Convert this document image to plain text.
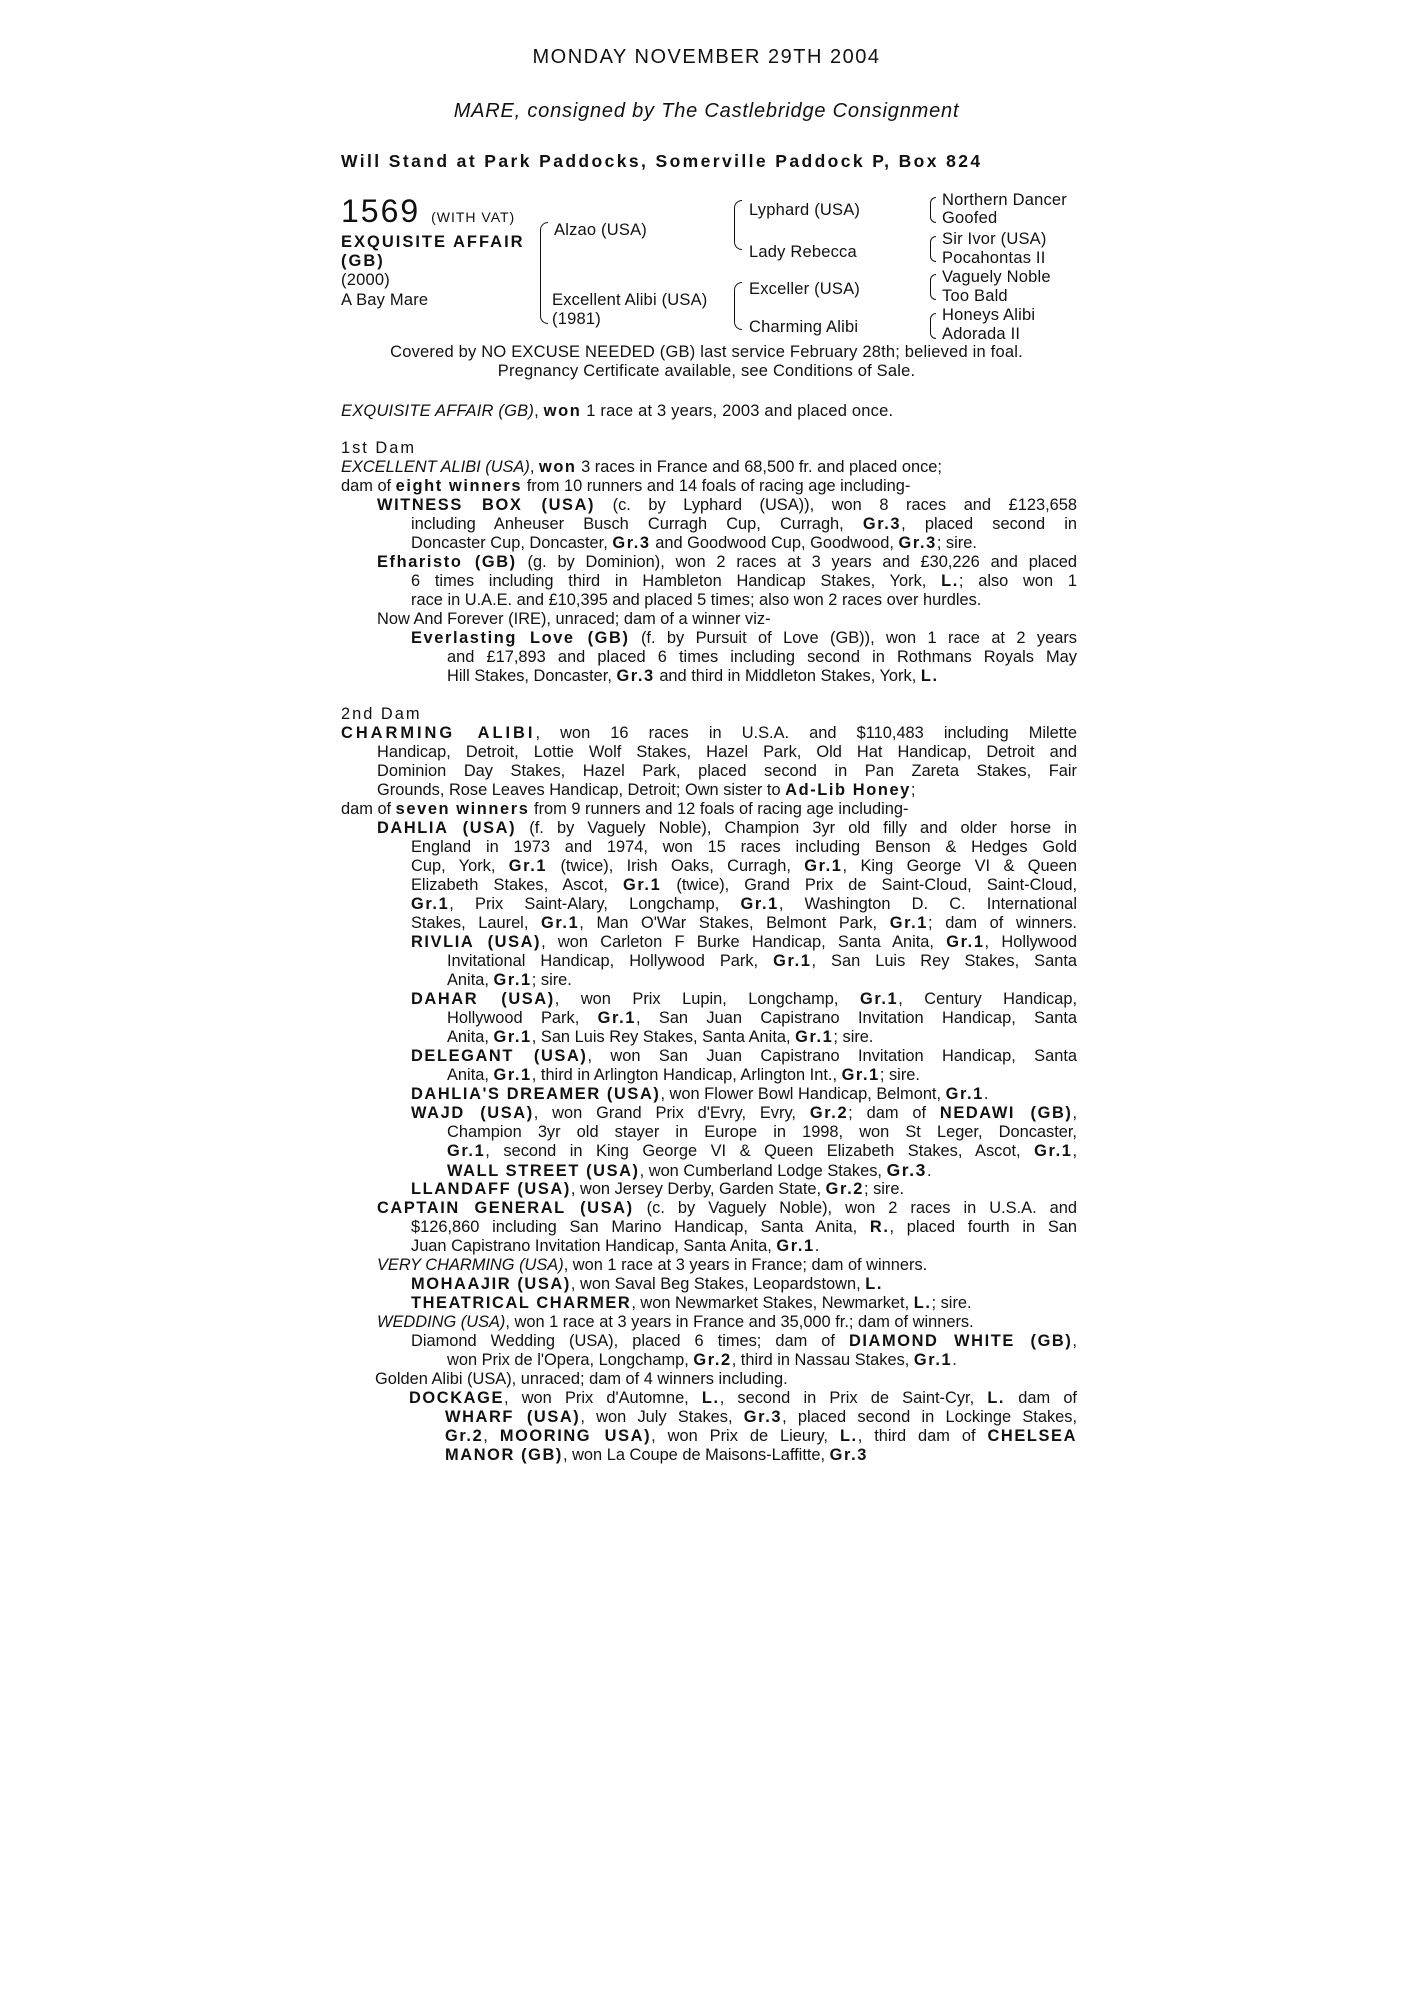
MONDAY NOVEMBER 29TH 2004
MARE, consigned by The Castlebridge Consignment
Will Stand at Park Paddocks, Somerville Paddock P, Box 824
1569 (WITH VAT)
EXQUISITE AFFAIR
(GB)
(2000)
A Bay Mare
Alzao (USA)
Excellent Alibi (USA)
(1981)
Lyphard (USA)
Lady Rebecca
Exceller (USA)
Charming Alibi
Northern Dancer
Goofed
Sir Ivor (USA)
Pocahontas II
Vaguely Noble
Too Bald
Honeys Alibi
Adorada II
Covered by NO EXCUSE NEEDED (GB) last service February 28th; believed in foal.
Pregnancy Certificate available, see Conditions of Sale.
EXQUISITE AFFAIR (GB), won 1 race at 3 years, 2003 and placed once.
1st Dam
EXCELLENT ALIBI (USA), won 3 races in France and 68,500 fr. and placed once;
dam of eight winners from 10 runners and 14 foals of racing age including-
WITNESS BOX (USA) (c. by Lyphard (USA)), won 8 races and £123,658
including Anheuser Busch Curragh Cup, Curragh, Gr.3, placed second in
Doncaster Cup, Doncaster, Gr.3 and Goodwood Cup, Goodwood, Gr.3; sire.
Efharisto (GB) (g. by Dominion), won 2 races at 3 years and £30,226 and placed
6 times including third in Hambleton Handicap Stakes, York, L.; also won 1
race in U.A.E. and £10,395 and placed 5 times; also won 2 races over hurdles.
Now And Forever (IRE), unraced; dam of a winner viz-
Everlasting Love (GB) (f. by Pursuit of Love (GB)), won 1 race at 2 years
and £17,893 and placed 6 times including second in Rothmans Royals May
Hill Stakes, Doncaster, Gr.3 and third in Middleton Stakes, York, L.
2nd Dam
CHARMING ALIBI, won 16 races in U.S.A. and $110,483 including Milette
Handicap, Detroit, Lottie Wolf Stakes, Hazel Park, Old Hat Handicap, Detroit and
Dominion Day Stakes, Hazel Park, placed second in Pan Zareta Stakes, Fair
Grounds, Rose Leaves Handicap, Detroit; Own sister to Ad-Lib Honey;
dam of seven winners from 9 runners and 12 foals of racing age including-
DAHLIA (USA) (f. by Vaguely Noble), Champion 3yr old filly and older horse in
England in 1973 and 1974, won 15 races including Benson & Hedges Gold
Cup, York, Gr.1 (twice), Irish Oaks, Curragh, Gr.1, King George VI & Queen
Elizabeth Stakes, Ascot, Gr.1 (twice), Grand Prix de Saint-Cloud, Saint-Cloud,
Gr.1, Prix Saint-Alary, Longchamp, Gr.1, Washington D. C. International
Stakes, Laurel, Gr.1, Man O'War Stakes, Belmont Park, Gr.1; dam of winners.
RIVLIA (USA), won Carleton F Burke Handicap, Santa Anita, Gr.1, Hollywood
Invitational Handicap, Hollywood Park, Gr.1, San Luis Rey Stakes, Santa
Anita, Gr.1; sire.
DAHAR (USA), won Prix Lupin, Longchamp, Gr.1, Century Handicap,
Hollywood Park, Gr.1, San Juan Capistrano Invitation Handicap, Santa
Anita, Gr.1, San Luis Rey Stakes, Santa Anita, Gr.1; sire.
DELEGANT (USA), won San Juan Capistrano Invitation Handicap, Santa
Anita, Gr.1, third in Arlington Handicap, Arlington Int., Gr.1; sire.
DAHLIA'S DREAMER (USA), won Flower Bowl Handicap, Belmont, Gr.1.
WAJD (USA), won Grand Prix d'Evry, Evry, Gr.2; dam of NEDAWI (GB),
Champion 3yr old stayer in Europe in 1998, won St Leger, Doncaster,
Gr.1, second in King George VI & Queen Elizabeth Stakes, Ascot, Gr.1,
WALL STREET (USA), won Cumberland Lodge Stakes, Gr.3.
LLANDAFF (USA), won Jersey Derby, Garden State, Gr.2; sire.
CAPTAIN GENERAL (USA) (c. by Vaguely Noble), won 2 races in U.S.A. and
$126,860 including San Marino Handicap, Santa Anita, R., placed fourth in San
Juan Capistrano Invitation Handicap, Santa Anita, Gr.1.
VERY CHARMING (USA), won 1 race at 3 years in France; dam of winners.
MOHAAJIR (USA), won Saval Beg Stakes, Leopardstown, L.
THEATRICAL CHARMER, won Newmarket Stakes, Newmarket, L.; sire.
WEDDING (USA), won 1 race at 3 years in France and 35,000 fr.; dam of winners.
Diamond Wedding (USA), placed 6 times; dam of DIAMOND WHITE (GB),
won Prix de l'Opera, Longchamp, Gr.2, third in Nassau Stakes, Gr.1.
Golden Alibi (USA), unraced; dam of 4 winners including.
DOCKAGE, won Prix d'Automne, L., second in Prix de Saint-Cyr, L. dam of
WHARF (USA), won July Stakes, Gr.3, placed second in Lockinge Stakes,
Gr.2, MOORING USA), won Prix de Lieury, L., third dam of CHELSEA
MANOR (GB), won La Coupe de Maisons-Laffitte, Gr.3
